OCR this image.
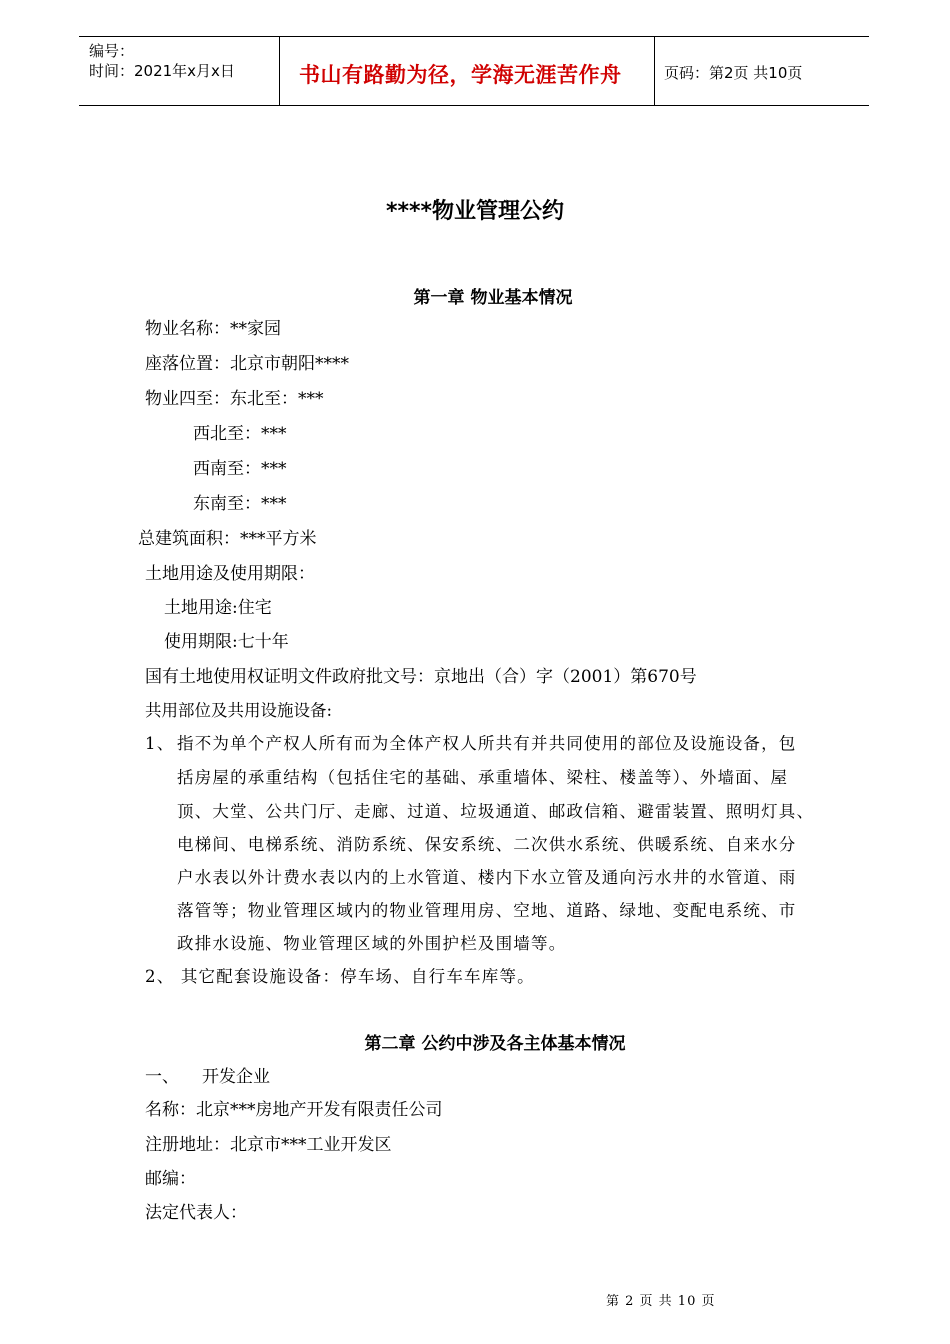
编号：
时间：2021年x月x日	书山有路勤为径，学海无涯苦作舟	页码：第2页 共10页
****物业管理公约
第一章 物业基本情况
物业名称：**家园
座落位置：北京市朝阳****
物业四至：东北至：***
西北至：***
西南至：***
东南至：***
总建筑面积：***平方米
土地用途及使用期限：
土地用途:住宅
使用期限:七十年
国有土地使用权证明文件政府批文号：京地出（合）字（2001）第670号
共用部位及共用设施设备:
1、 指不为单个产权人所有而为全体产权人所共有并共同使用的部位及设施设备，包
括房屋的承重结构（包括住宅的基础、承重墙体、梁柱、楼盖等）、外墙面、屋
顶、大堂、公共门厅、走廊、过道、垃圾通道、邮政信箱、避雷装置、照明灯具、
电梯间、电梯系统、消防系统、保安系统、二次供水系统、供暖系统、自来水分
户水表以外计费水表以内的上水管道、楼内下水立管及通向污水井的水管道、雨
落管等；物业管理区域内的物业管理用房、空地、道路、绿地、变配电系统、市
政排水设施、物业管理区域的外围护栏及围墙等。
2、 其它配套设施设备：停车场、自行车车库等。
第二章 公约中涉及各主体基本情况
一、 开发企业
名称：北京***房地产开发有限责任公司
注册地址：北京市***工业开发区
邮编：
法定代表人：
第 2 页 共 10 页
